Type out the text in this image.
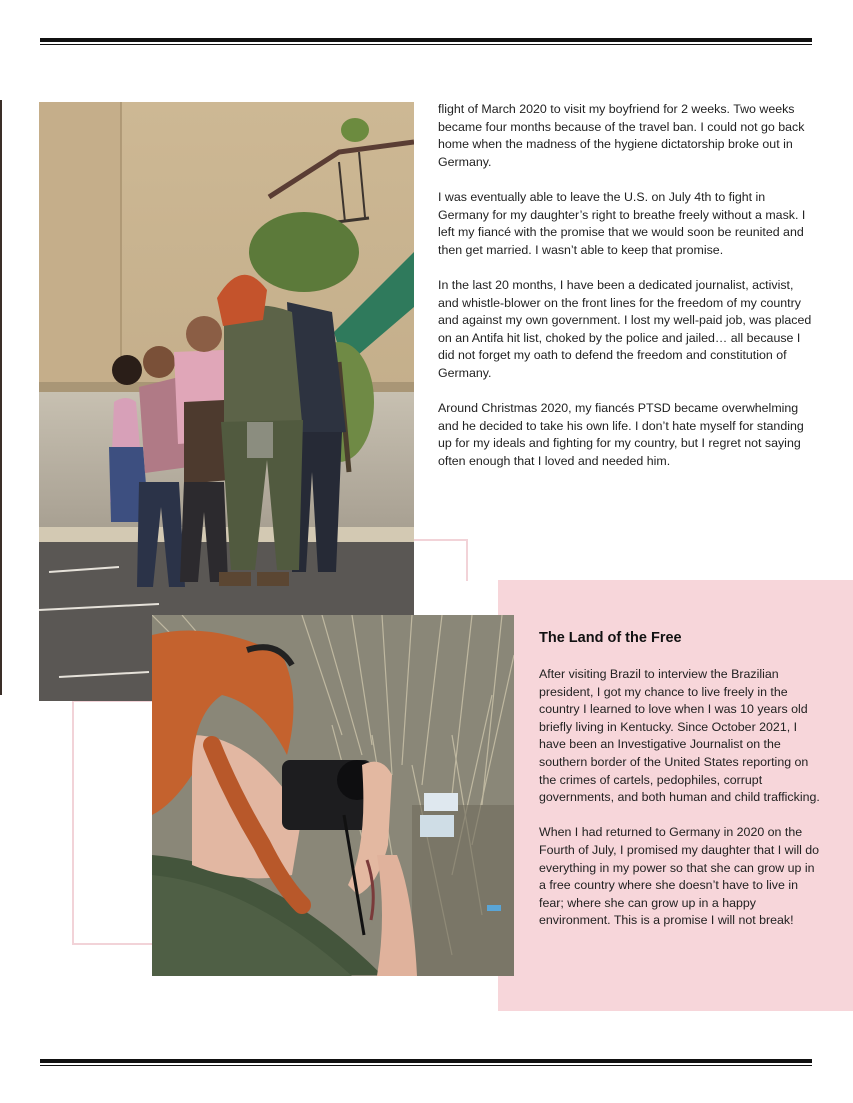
flight of March 2020 to visit my boyfriend for 2 weeks. Two weeks became four months because of the travel ban. I could not go back home when the madness of the hygiene dictatorship broke out in Germany.

I was eventually able to leave the U.S. on July 4th to fight in Germany for my daughter’s right to breathe freely without a mask. I left my fiancé with the promise that we would soon be reunited and then get married. I wasn’t able to keep that promise.

In the last 20 months, I have been a dedicated journalist, activist, and whistle-blower on the front lines for the freedom of my country and against my own government. I lost my well-paid job, was placed on an Antifa hit list, choked by the police and jailed… all because I did not forget my oath to defend the freedom and constitution of Germany.

Around Christmas 2020, my fiancés PTSD became overwhelming and he decided to take his own life. I don’t hate myself for standing up for my ideals and fighting for my country, but I regret not saying often enough that I loved and needed him.

The Land of the Free

After visiting Brazil to interview the Brazilian president, I got my chance to live freely in the country I learned to love when I was 10 years old briefly living in Kentucky. Since October 2021, I have been an Investigative Journalist on the southern border of the United States reporting on the crimes of cartels, pedophiles, corrupt governments, and both human and child trafficking.

When I had returned to Germany in 2020 on the Fourth of July, I promised my daughter that I will do everything in my power so that she can grow up in a free country where she doesn’t have to live in fear; where she can grow up in a happy environment. This is a promise I will not break!
